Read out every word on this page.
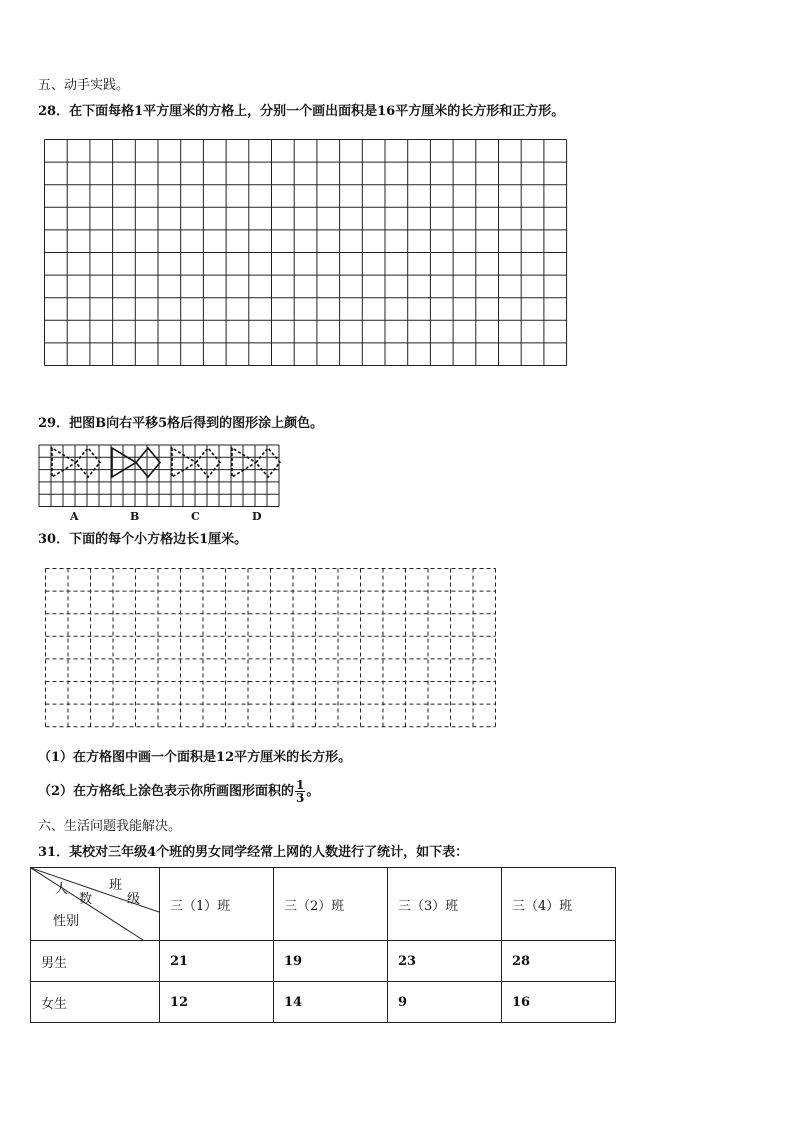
五、动手实践。
28．在下面每格1平方厘米的方格上，分别一个画出面积是16平方厘米的长方形和正方形。
29．把图B向右平移5格后得到的图形涂上颜色。
A	B	C	D
30．下面的每个小方格边长1厘米。
（1）在方格图中画一个面积是12平方厘米的长方形。
（2）在方格纸上涂色表示你所画图形面积的 $\frac{1}{3}$ 。
六、生活问题我能解决。
31．某校对三年级4个班的男女同学经常上网的人数进行了统计，如下表：
人
数
班
级
性别	三（1）班	三（2）班	三（3）班	三（4）班
男生	21	19	23	28
女生	12	14	9	16
